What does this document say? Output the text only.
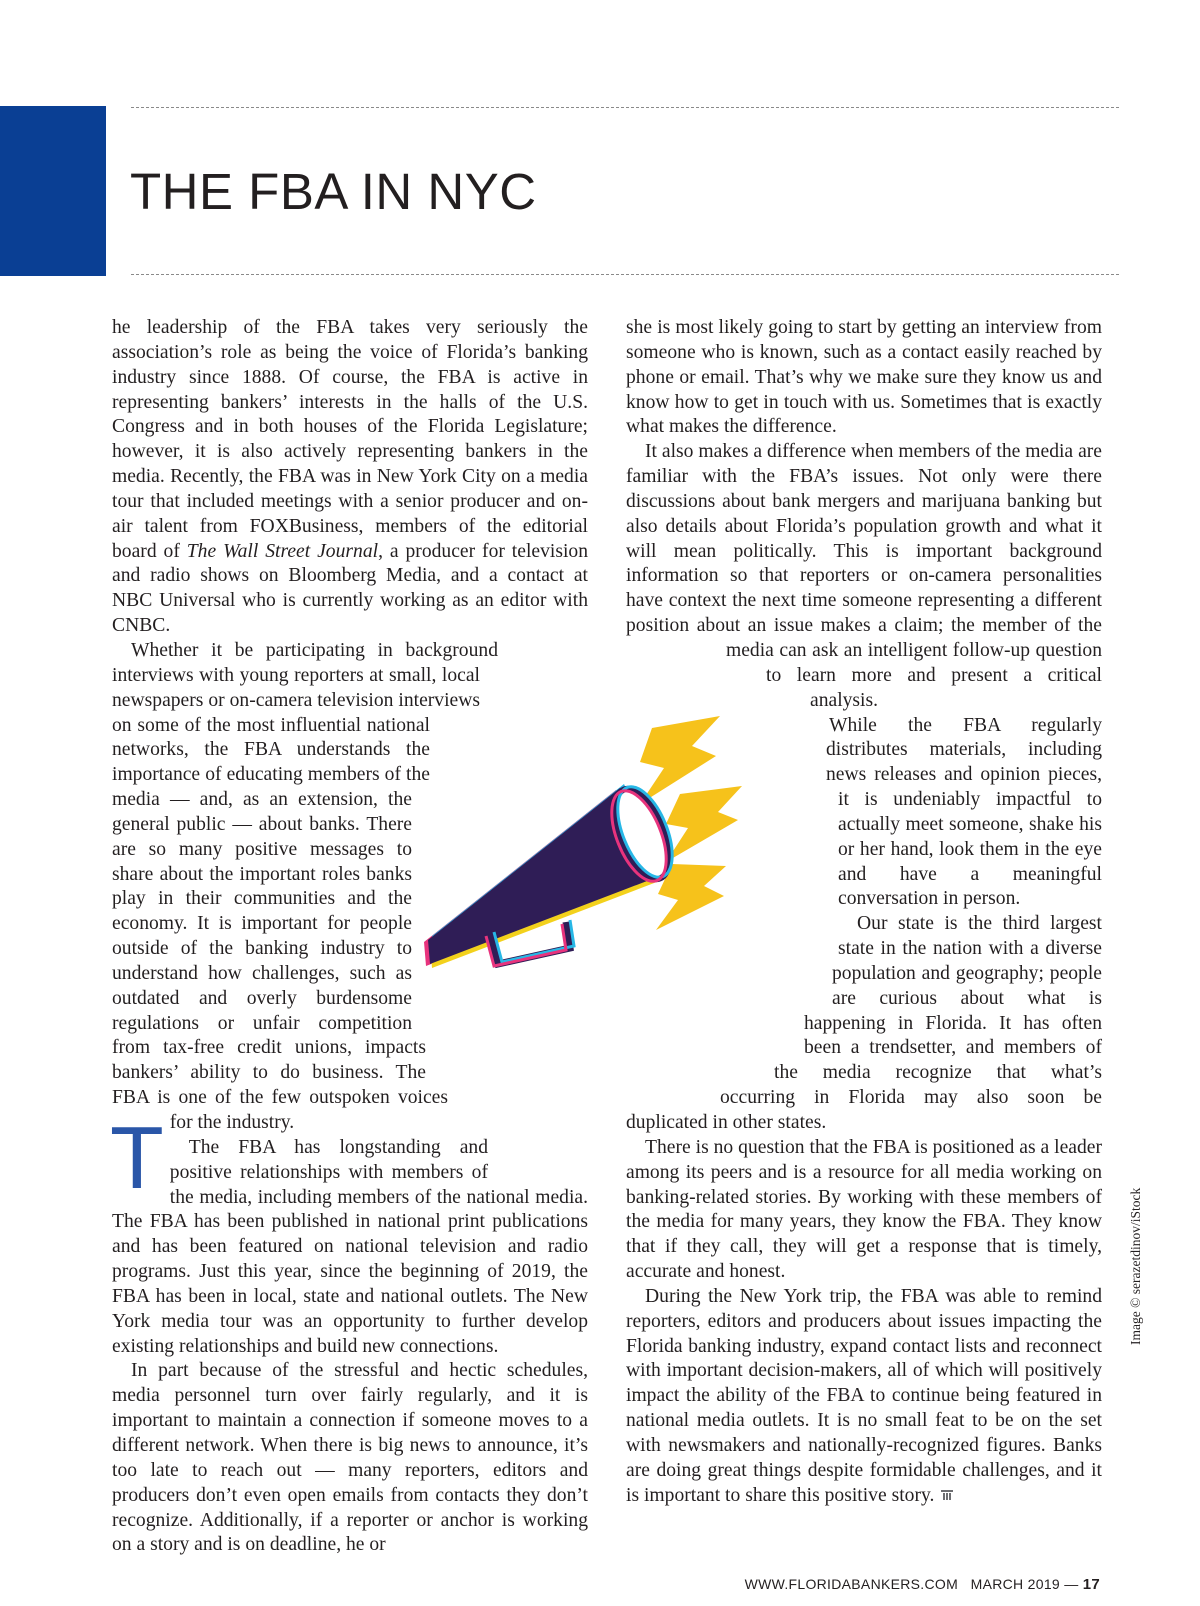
THE FBA IN NYC

T
he leadership of the FBA takes very seriously the association’s role as being the voice of Florida’s banking industry since 1888. Of course, the FBA is active in representing bankers’ interests in the halls of the U.S. Congress and in both houses of the Florida Legislature; however, it is also actively representing bankers in the media. Recently, the FBA was in New York City on a media tour that included meetings with a senior producer and on-air talent from FOXBusiness, members of the editorial board of The Wall Street Journal, a producer for television and radio shows on Bloomberg Media, and a contact at NBC Universal who is currently working as an editor with CNBC.

Whether it be participating in background interviews with young reporters at small, local newspapers or on-camera television interviews on some of the most influential national networks, the FBA understands the importance of educating members of the media — and, as an extension, the general public — about banks. There are so many positive messages to share about the important roles banks play in their communities and the economy. It is important for people outside of the banking industry to understand how challenges, such as outdated and overly burdensome regulations or unfair competition from tax-free credit unions, impacts bankers’ ability to do business. The FBA is one of the few outspoken voices for the industry.

The FBA has longstanding and positive relationships with members of the media, including members of the national media. The FBA has been published in national print publications and has been featured on national television and radio programs. Just this year, since the beginning of 2019, the FBA has been in local, state and national outlets. The New York media tour was an opportunity to further develop existing relationships and build new connections.

In part because of the stressful and hectic schedules, media personnel turn over fairly regularly, and it is important to maintain a connection if someone moves to a different network. When there is big news to announce, it’s too late to reach out — many reporters, editors and producers don’t even open emails from contacts they don’t recognize. Additionally, if a reporter or anchor is working on a story and is on deadline, he or

she is most likely going to start by getting an interview from someone who is known, such as a contact easily reached by phone or email. That’s why we make sure they know us and know how to get in touch with us. Sometimes that is exactly what makes the difference.

It also makes a difference when members of the media are familiar with the FBA’s issues. Not only were there discussions about bank mergers and marijuana banking but also details about Florida’s population growth and what it will mean politically. This is important background information so that reporters or on-camera personalities have context the next time someone representing a different position about an issue makes a claim; the member of the media can ask an intelligent follow-up question to learn more and present a critical analysis.

While the FBA regularly distributes materials, including news releases and opinion pieces, it is undeniably impactful to actually meet someone, shake his or her hand, look them in the eye and have a meaningful conversation in person.

Our state is the third largest state in the nation with a diverse population and geography; people are curious about what is happening in Florida. It has often been a trendsetter, and members of the media recognize that what’s occurring in Florida may also soon be duplicated in other states.

There is no question that the FBA is positioned as a leader among its peers and is a resource for all media working on banking-related stories. By working with these members of the media for many years, they know the FBA. They know that if they call, they will get a response that is timely, accurate and honest.

During the New York trip, the FBA was able to remind reporters, editors and producers about issues impacting the Florida banking industry, expand contact lists and reconnect with important decision-makers, all of which will positively impact the ability of the FBA to continue being featured in national media outlets. It is no small feat to be on the set with newsmakers and nationally-recognized figures. Banks are doing great things despite formidable challenges, and it is important to share this positive story.

Image © serazetdinov/iStock
WWW.FLORIDABANKERS.COM MARCH 2019 — 17
